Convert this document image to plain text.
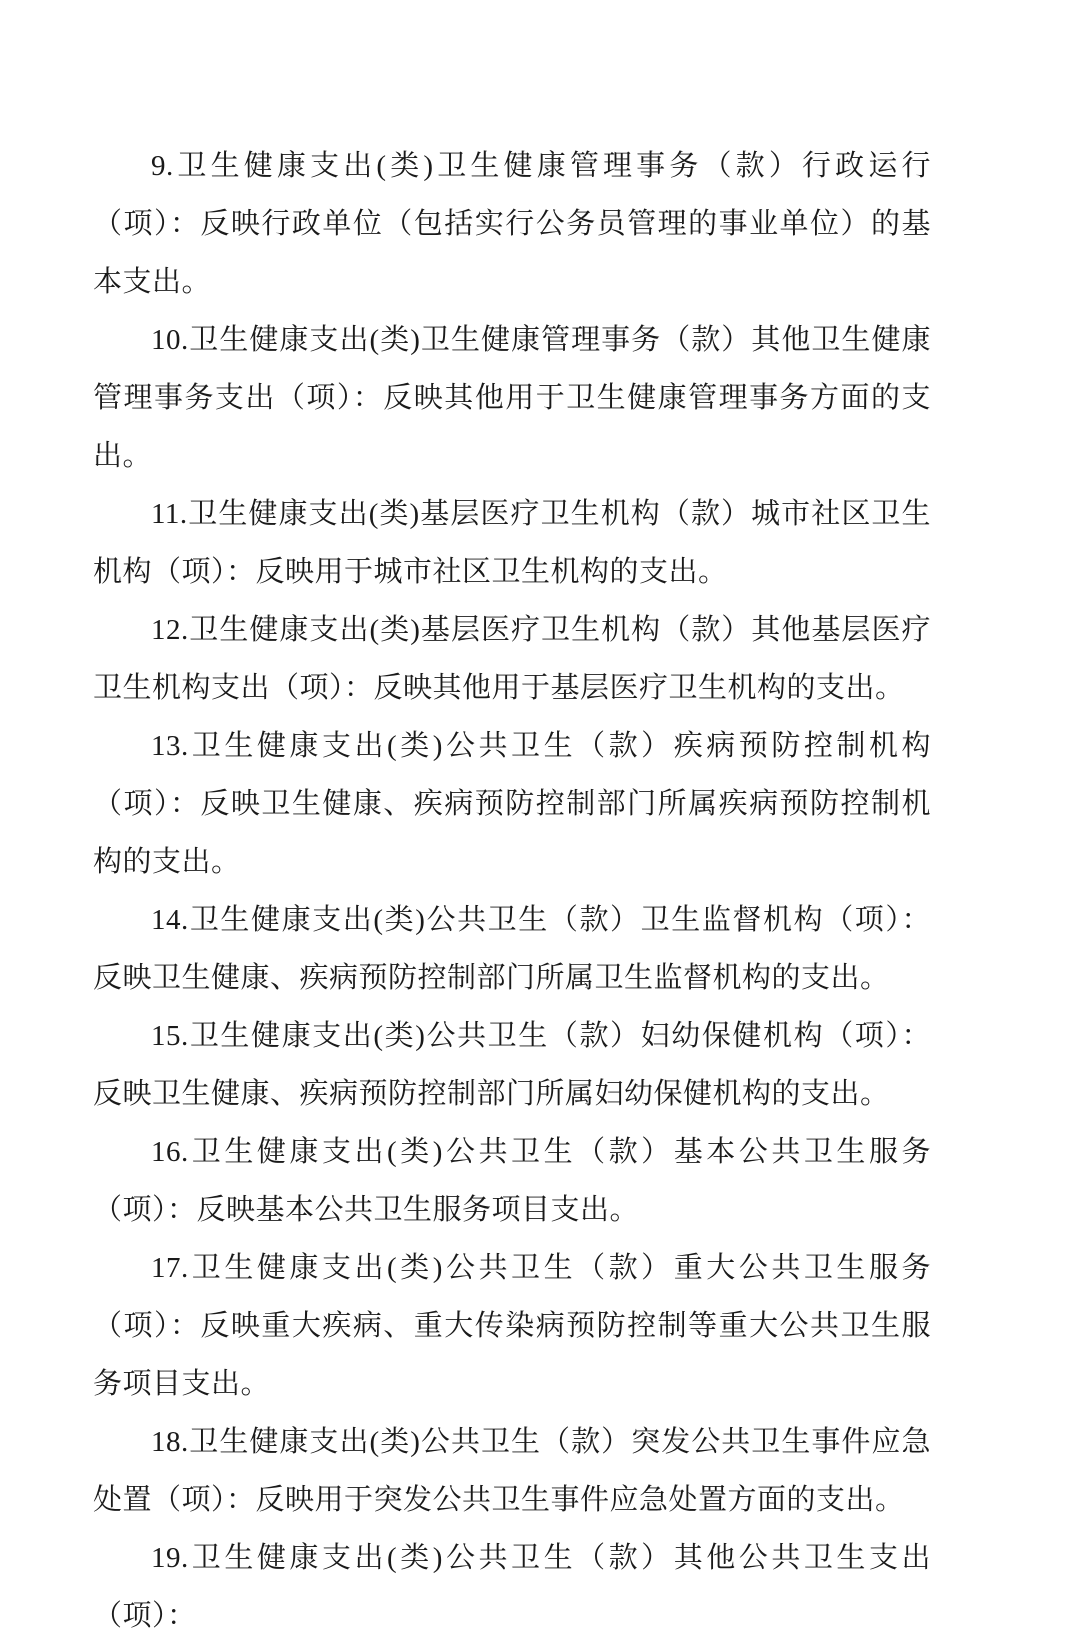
9.卫生健康支出(类)卫生健康管理事务（款）行政运行（项）：反映行政单位（包括实行公务员管理的事业单位）的基本支出。

10.卫生健康支出(类)卫生健康管理事务（款）其他卫生健康管理事务支出（项）：反映其他用于卫生健康管理事务方面的支出。

11.卫生健康支出(类)基层医疗卫生机构（款）城市社区卫生机构（项）：反映用于城市社区卫生机构的支出。

12.卫生健康支出(类)基层医疗卫生机构（款）其他基层医疗卫生机构支出（项）：反映其他用于基层医疗卫生机构的支出。

13.卫生健康支出(类)公共卫生（款）疾病预防控制机构（项）：反映卫生健康、疾病预防控制部门所属疾病预防控制机构的支出。

14.卫生健康支出(类)公共卫生（款）卫生监督机构（项）：反映卫生健康、疾病预防控制部门所属卫生监督机构的支出。

15.卫生健康支出(类)公共卫生（款）妇幼保健机构（项）：反映卫生健康、疾病预防控制部门所属妇幼保健机构的支出。

16.卫生健康支出(类)公共卫生（款）基本公共卫生服务（项）：反映基本公共卫生服务项目支出。

17.卫生健康支出(类)公共卫生（款）重大公共卫生服务（项）：反映重大疾病、重大传染病预防控制等重大公共卫生服务项目支出。

18.卫生健康支出(类)公共卫生（款）突发公共卫生事件应急处置（项）：反映用于突发公共卫生事件应急处置方面的支出。

19.卫生健康支出(类)公共卫生（款）其他公共卫生支出（项）：
